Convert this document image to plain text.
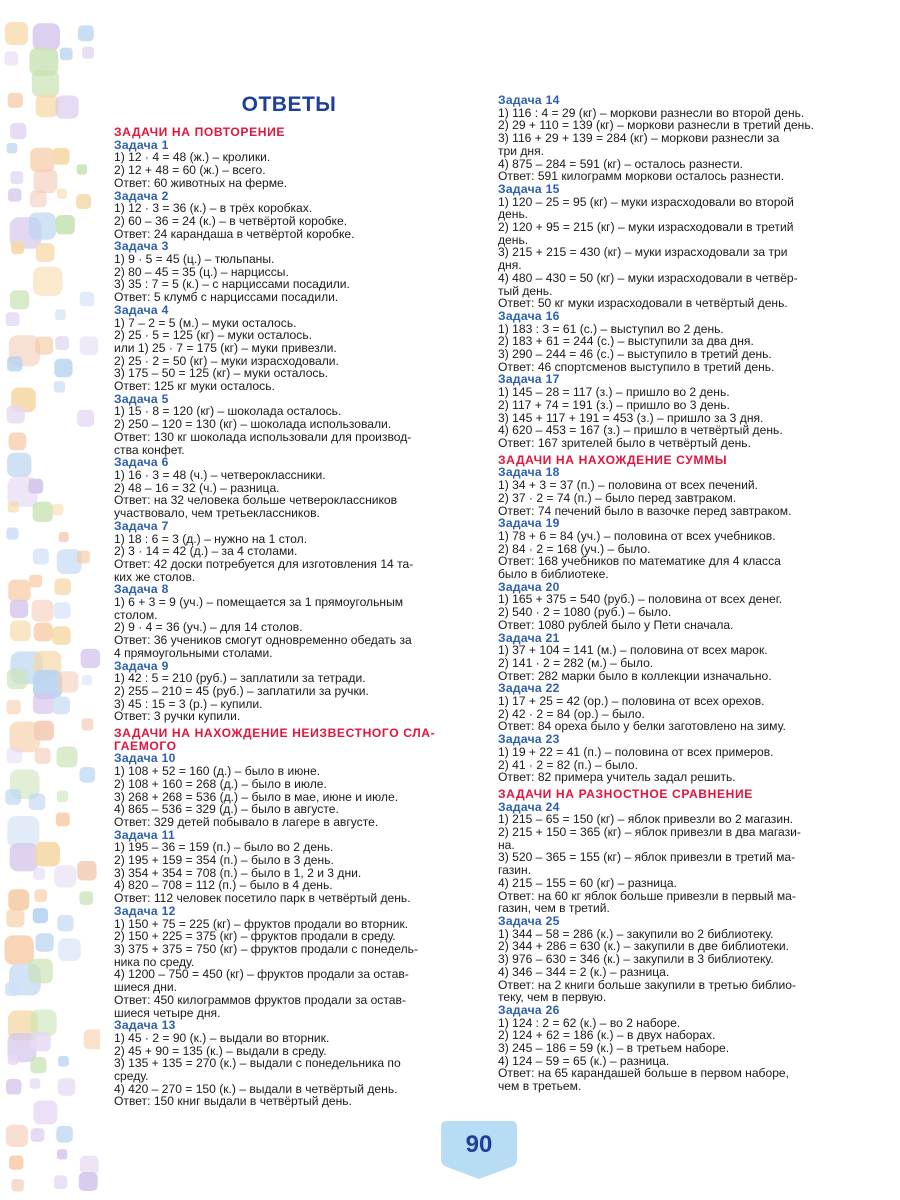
ОТВЕТЫ
ЗАДАЧИ НА ПОВТОРЕНИЕ
Задача 1
1) 12 · 4 = 48 (ж.) – кролики.
2) 12 + 48 = 60 (ж.) – всего.
Ответ: 60 животных на ферме.
Задача 2
1) 12 · 3 = 36 (к.) – в трёх коробках.
2) 60 – 36 = 24 (к.) – в четвёртой коробке.
Ответ: 24 карандаша в четвёртой коробке.
Задача 3
1) 9 · 5 = 45 (ц.) – тюльпаны.
2) 80 – 45 = 35 (ц.) – нарциссы.
3) 35 : 7 = 5 (к.) – с нарциссами посадили.
Ответ: 5 клумб с нарциссами посадили.
Задача 4
1) 7 – 2 = 5 (м.) – муки осталось.
2) 25 · 5 = 125 (кг) – муки осталось.
или 1) 25 · 7 = 175 (кг) – муки привезли.
2) 25 · 2 = 50 (кг) – муки израсходовали.
3) 175 – 50 = 125 (кг) – муки осталось.
Ответ: 125 кг муки осталось.
Задача 5
1) 15 · 8 = 120 (кг) – шоколада осталось.
2) 250 – 120 = 130 (кг) – шоколада использовали.
Ответ: 130 кг шоколада использовали для производ-
ства конфет.
Задача 6
1) 16 · 3 = 48 (ч.) – четвероклассники.
2) 48 – 16 = 32 (ч.) – разница.
Ответ: на 32 человека больше четвероклассников
участвовало, чем третьеклассников.
Задача 7
1) 18 : 6 = 3 (д.) – нужно на 1 стол.
2) 3 · 14 = 42 (д.) – за 4 столами.
Ответ: 42 доски потребуется для изготовления 14 та-
ких же столов.
Задача 8
1) 6 + 3 = 9 (уч.) – помещается за 1 прямоугольным
столом.
2) 9 · 4 = 36 (уч.) – для 14 столов.
Ответ: 36 учеников смогут одновременно обедать за
4 прямоугольными столами.
Задача 9
1) 42 : 5 = 210 (руб.) – заплатили за тетради.
2) 255 – 210 = 45 (руб.) – заплатили за ручки.
3) 45 : 15 = 3 (р.) – купили.
Ответ: 3 ручки купили.
ЗАДАЧИ НА НАХОЖДЕНИЕ НЕИЗВЕСТНОГО СЛА-
ГАЕМОГО
Задача 10
1) 108 + 52 = 160 (д.) – было в июне.
2) 108 + 160 = 268 (д.) – было в июле.
3) 268 + 268 = 536 (д.) – было в мае, июне и июле.
4) 865 – 536 = 329 (д.) – было в августе.
Ответ: 329 детей побывало в лагере в августе.
Задача 11
1) 195 – 36 = 159 (п.) – было во 2 день.
2) 195 + 159 = 354 (п.) – было в 3 день.
3) 354 + 354 = 708 (п.) – было в 1, 2 и 3 дни.
4) 820 – 708 = 112 (п.) – было в 4 день.
Ответ: 112 человек посетило парк в четвёртый день.
Задача 12
1) 150 + 75 = 225 (кг) – фруктов продали во вторник.
2) 150 + 225 = 375 (кг) – фруктов продали в среду.
3) 375 + 375 = 750 (кг) – фруктов продали с понедель-
ника по среду.
4) 1200 – 750 = 450 (кг) – фруктов продали за остав-
шиеся дни.
Ответ: 450 килограммов фруктов продали за остав-
шиеся четыре дня.
Задача 13
1) 45 · 2 = 90 (к.) – выдали во вторник.
2) 45 + 90 = 135 (к.) – выдали в среду.
3) 135 + 135 = 270 (к.) – выдали с понедельника по
среду.
4) 420 – 270 = 150 (к.) – выдали в четвёртый день.
Ответ: 150 книг выдали в четвёртый день.
Задача 14
1) 116 : 4 = 29 (кг) – моркови разнесли во второй день.
2) 29 + 110 = 139 (кг) – моркови разнесли в третий день.
3) 116 + 29 + 139 = 284 (кг) – моркови разнесли за
три дня.
4) 875 – 284 = 591 (кг) – осталось разнести.
Ответ: 591 килограмм моркови осталось разнести.
Задача 15
1) 120 – 25 = 95 (кг) – муки израсходовали во второй
день.
2) 120 + 95 = 215 (кг) – муки израсходовали в третий
день.
3) 215 + 215 = 430 (кг) – муки израсходовали за три
дня.
4) 480 – 430 = 50 (кг) – муки израсходовали в четвёр-
тый день.
Ответ: 50 кг муки израсходовали в четвёртый день.
Задача 16
1) 183 : 3 = 61 (с.) – выступил во 2 день.
2) 183 + 61 = 244 (с.) – выступили за два дня.
3) 290 – 244 = 46 (с.) – выступило в третий день.
Ответ: 46 спортсменов выступило в третий день.
Задача 17
1) 145 – 28 = 117 (з.) – пришло во 2 день.
2) 117 + 74 = 191 (з.) – пришло во 3 день.
3) 145 + 117 + 191 = 453 (з.) – пришло за 3 дня.
4) 620 – 453 = 167 (з.) – пришло в четвёртый день.
Ответ: 167 зрителей было в четвёртый день.
ЗАДАЧИ НА НАХОЖДЕНИЕ СУММЫ
Задача 18
1) 34 + 3 = 37 (п.) – половина от всех печений.
2) 37 · 2 = 74 (п.) – было перед завтраком.
Ответ: 74 печений было в вазочке перед завтраком.
Задача 19
1) 78 + 6 = 84 (уч.) – половина от всех учебников.
2) 84 · 2 = 168 (уч.) – было.
Ответ: 168 учебников по математике для 4 класса
было в библиотеке.
Задача 20
1) 165 + 375 = 540 (руб.) – половина от всех денег.
2) 540 · 2 = 1080 (руб.) – было.
Ответ: 1080 рублей было у Пети сначала.
Задача 21
1) 37 + 104 = 141 (м.) – половина от всех марок.
2) 141 · 2 = 282 (м.) – было.
Ответ: 282 марки было в коллекции изначально.
Задача 22
1) 17 + 25 = 42 (ор.) – половина от всех орехов.
2) 42 · 2 = 84 (ор.) – было.
Ответ: 84 ореха было у белки заготовлено на зиму.
Задача 23
1) 19 + 22 = 41 (п.) – половина от всех примеров.
2) 41 · 2 = 82 (п.) – было.
Ответ: 82 примера учитель задал решить.
ЗАДАЧИ НА РАЗНОСТНОЕ СРАВНЕНИЕ
Задача 24
1) 215 – 65 = 150 (кг) – яблок привезли во 2 магазин.
2) 215 + 150 = 365 (кг) – яблок привезли в два магази-
на.
3) 520 – 365 = 155 (кг) – яблок привезли в третий ма-
газин.
4) 215 – 155 = 60 (кг) – разница.
Ответ: на 60 кг яблок больше привезли в первый ма-
газин, чем в третий.
Задача 25
1) 344 – 58 = 286 (к.) – закупили во 2 библиотеку.
2) 344 + 286 = 630 (к.) – закупили в две библиотеки.
3) 976 – 630 = 346 (к.) – закупили в 3 библиотеку.
4) 346 – 344 = 2 (к.) – разница.
Ответ: на 2 книги больше закупили в третью библио-
теку, чем в первую.
Задача 26
1) 124 : 2 = 62 (к.) – во 2 наборе.
2) 124 + 62 = 186 (к.) – в двух наборах.
3) 245 – 186 = 59 (к.) – в третьем наборе.
4) 124 – 59 = 65 (к.) – разница.
Ответ: на 65 карандашей больше в первом наборе,
чем в третьем.
90
